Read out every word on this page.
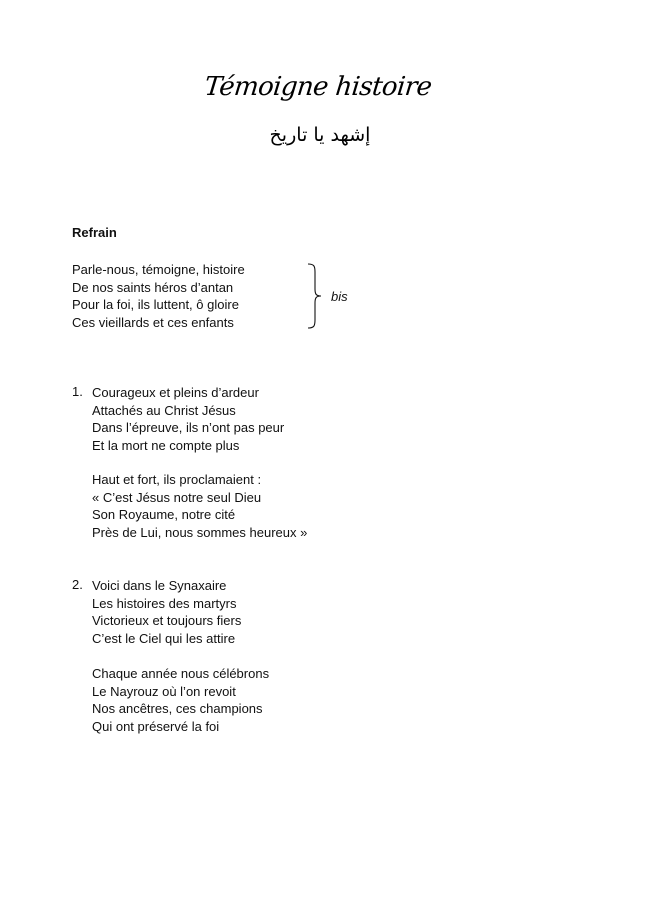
Témoigne histoire
إشهد يا تاريخ
Refrain
Parle-nous, témoigne, histoire
De nos saints héros d’antan
Pour la foi, ils luttent, ô gloire
Ces vieillards et ces enfants
bis
1. Courageux et pleins d’ardeur
Attachés au Christ Jésus
Dans l’épreuve, ils n’ont pas peur
Et la mort ne compte plus
Haut et fort, ils proclamaient :
« C’est Jésus notre seul Dieu
Son Royaume, notre cité
Près de Lui, nous sommes heureux »
2. Voici dans le Synaxaire
Les histoires des martyrs
Victorieux et toujours fiers
C’est le Ciel qui les attire
Chaque année nous célébrons
Le Nayrouz où l’on revoit
Nos ancêtres, ces champions
Qui ont préservé la foi
